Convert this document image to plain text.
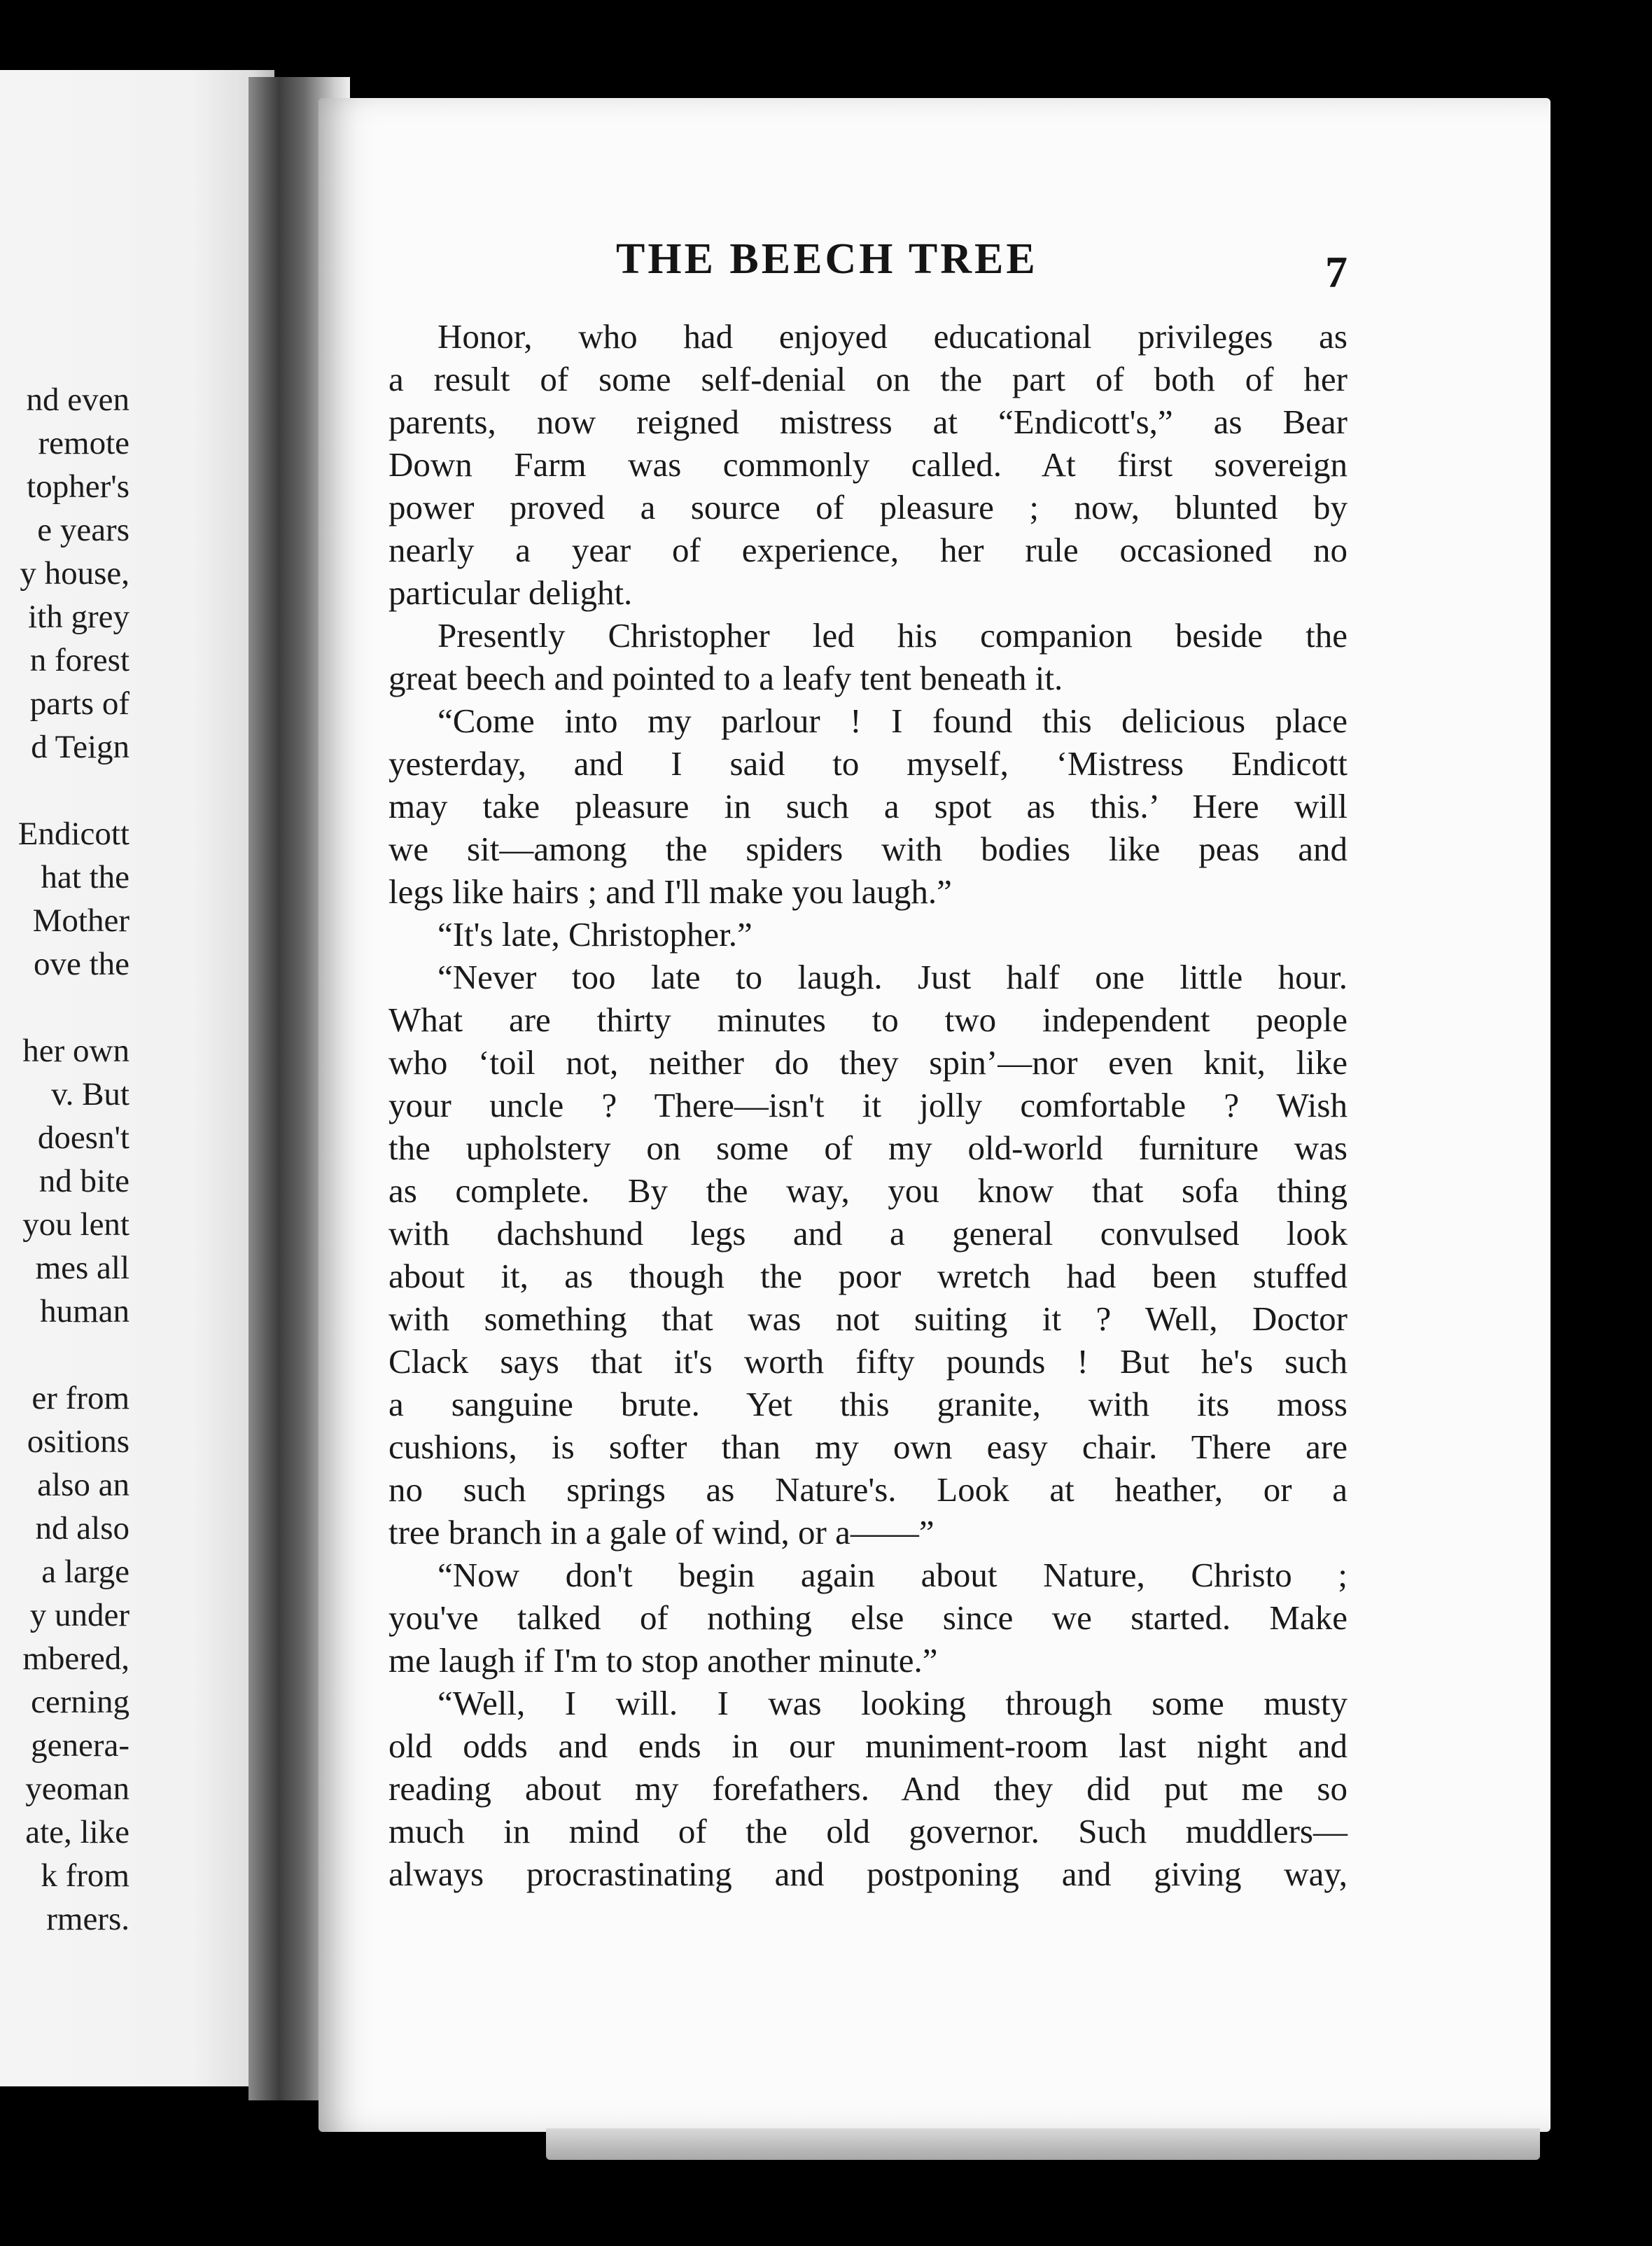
nd even
remote
topher's
e years
y house,
ith grey
n forest
parts of
d Teign
Endicott
hat the
Mother
ove the
her own
v. But
doesn't
nd bite
you lent
mes all
human
er from
ositions
also an
nd also
a large
y under
mbered,
cerning
genera-
yeoman
ate, like
k from
rmers.
THE BEECH TREE	7
Honor, who had enjoyed educational privileges as
a result of some self-denial on the part of both of her
parents, now reigned mistress at “Endicott's,” as Bear
Down Farm was commonly called. At first sovereign
power proved a source of pleasure ; now, blunted by
nearly a year of experience, her rule occasioned no
particular delight.
Presently Christopher led his companion beside the
great beech and pointed to a leafy tent beneath it.
“Come into my parlour ! I found this delicious place
yesterday, and I said to myself, ‘Mistress Endicott
may take pleasure in such a spot as this.’ Here will
we sit—among the spiders with bodies like peas and
legs like hairs ; and I'll make you laugh.”
“It's late, Christopher.”
“Never too late to laugh. Just half one little hour.
What are thirty minutes to two independent people
who ‘toil not, neither do they spin’—nor even knit, like
your uncle ? There—isn't it jolly comfortable ? Wish
the upholstery on some of my old-world furniture was
as complete. By the way, you know that sofa thing
with dachshund legs and a general convulsed look
about it, as though the poor wretch had been stuffed
with something that was not suiting it ? Well, Doctor
Clack says that it's worth fifty pounds ! But he's such
a sanguine brute. Yet this granite, with its moss
cushions, is softer than my own easy chair. There are
no such springs as Nature's. Look at heather, or a
tree branch in a gale of wind, or a——”
“Now don't begin again about Nature, Christo ;
you've talked of nothing else since we started. Make
me laugh if I'm to stop another minute.”
“Well, I will. I was looking through some musty
old odds and ends in our muniment-room last night and
reading about my forefathers. And they did put me so
much in mind of the old governor. Such muddlers—
always procrastinating and postponing and giving way,
